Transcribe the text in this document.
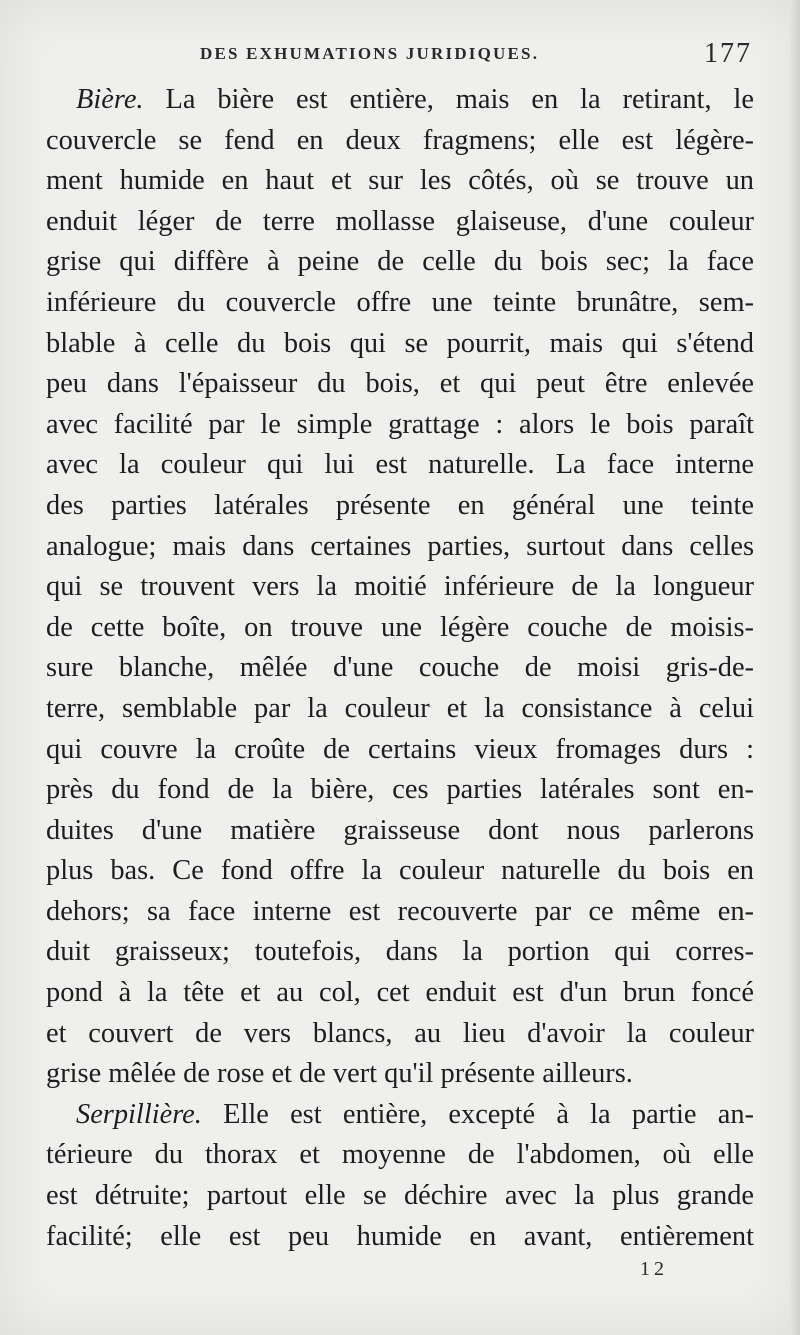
DES EXHUMATIONS JURIDIQUES.	177
Bière. La bière est entière, mais en la retirant, le
couvercle se fend en deux fragmens; elle est légère-
ment humide en haut et sur les côtés, où se trouve un
enduit léger de terre mollasse glaiseuse, d'une couleur
grise qui diffère à peine de celle du bois sec; la face
inférieure du couvercle offre une teinte brunâtre, sem-
blable à celle du bois qui se pourrit, mais qui s'étend
peu dans l'épaisseur du bois, et qui peut être enlevée
avec facilité par le simple grattage : alors le bois paraît
avec la couleur qui lui est naturelle. La face interne
des parties latérales présente en général une teinte
analogue; mais dans certaines parties, surtout dans celles
qui se trouvent vers la moitié inférieure de la longueur
de cette boîte, on trouve une légère couche de moisis-
sure blanche, mêlée d'une couche de moisi gris-de-
terre, semblable par la couleur et la consistance à celui
qui couvre la croûte de certains vieux fromages durs :
près du fond de la bière, ces parties latérales sont en-
duites d'une matière graisseuse dont nous parlerons
plus bas. Ce fond offre la couleur naturelle du bois en
dehors; sa face interne est recouverte par ce même en-
duit graisseux; toutefois, dans la portion qui corres-
pond à la tête et au col, cet enduit est d'un brun foncé
et couvert de vers blancs, au lieu d'avoir la couleur
grise mêlée de rose et de vert qu'il présente ailleurs.
Serpillière. Elle est entière, excepté à la partie an-
térieure du thorax et moyenne de l'abdomen, où elle
est détruite; partout elle se déchire avec la plus grande
facilité; elle est peu humide en avant, entièrement
12
